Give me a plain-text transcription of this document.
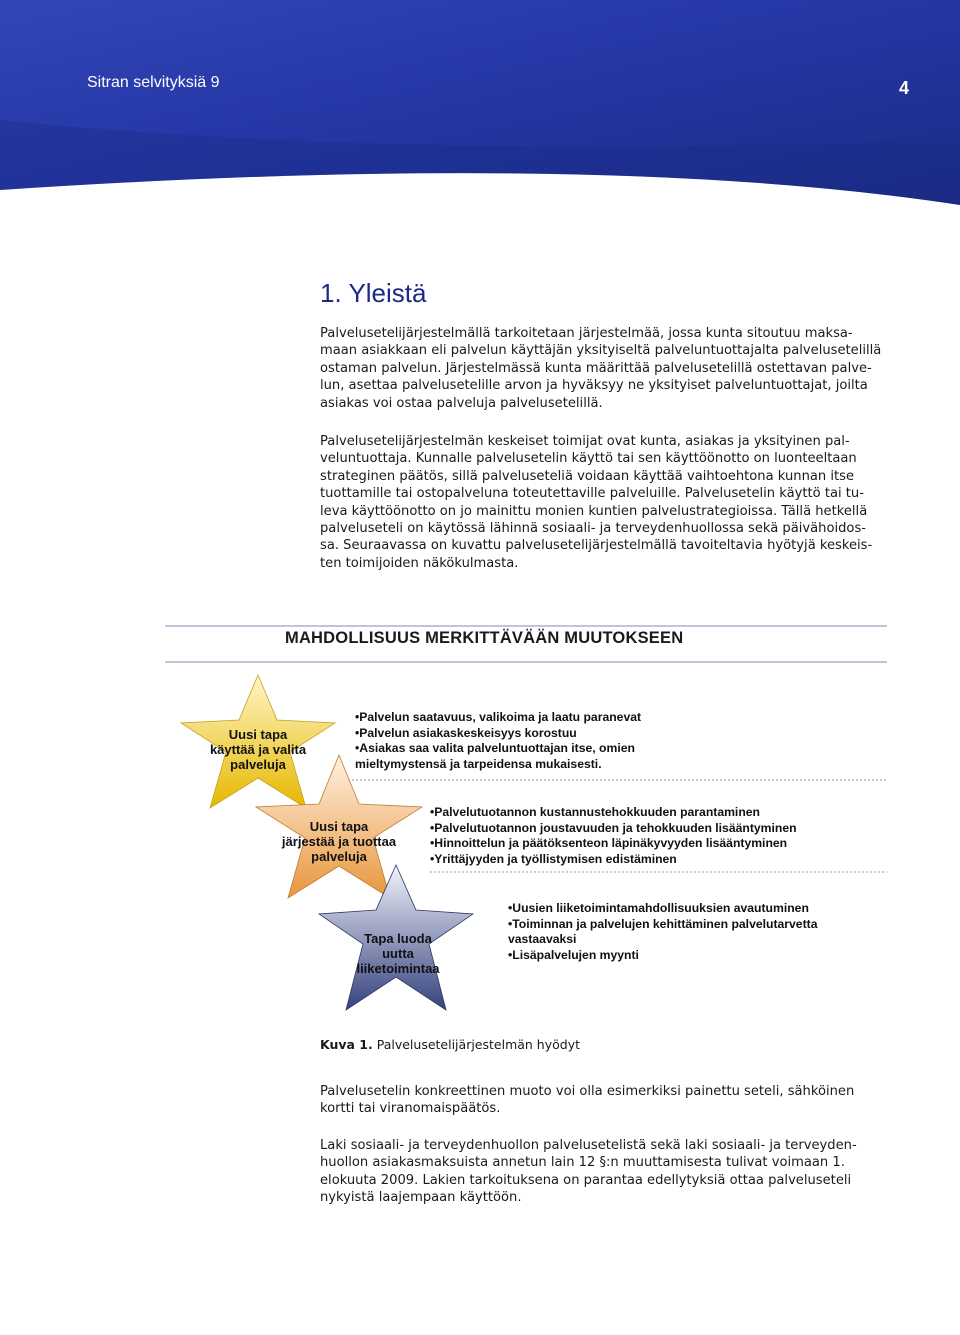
Sitran selvityksiä 9	4
1. Yleistä

Palvelusetelijärjestelmällä tarkoitetaan järjestelmää, jossa kunta sitoutuu maksa-
maan asiakkaan eli palvelun käyttäjän yksityiseltä palveluntuottajalta palvelusetelillä
ostaman palvelun. Järjestelmässä kunta määrittää palvelusetelillä ostettavan palve-
lun, asettaa palvelusetelille arvon ja hyväksyy ne yksityiset palveluntuottajat, joilta
asiakas voi ostaa palveluja palvelusetelillä.

Palvelusetelijärjestelmän keskeiset toimijat ovat kunta, asiakas ja yksityinen pal-
veluntuottaja. Kunnalle palvelusetelin käyttö tai sen käyttöönotto on luonteeltaan
strateginen päätös, sillä palveluseteliä voidaan käyttää vaihtoehtona kunnan itse
tuottamille tai ostopalveluna toteutettaville palveluille. Palvelusetelin käyttö tai tu-
leva käyttöönotto on jo mainittu monien kuntien palvelustrategioissa. Tällä hetkellä
palveluseteli on käytössä lähinnä sosiaali- ja terveydenhuollossa sekä päivähoidos-
sa. Seuraavassa on kuvattu palvelusetelijärjestelmällä tavoiteltavia hyötyjä keskeis-
ten toimijoiden näkökulmasta.

MAHDOLLISUUS MERKITTÄVÄÄN MUUTOKSEEN
Uusi tapa
käyttää ja valita
palveluja
Uusi tapa
järjestää ja tuottaa
palveluja
Tapa luoda
uutta
liiketoimintaa
•Palvelun saatavuus, valikoima ja laatu paranevat
•Palvelun asiakaskeskeisyys korostuu
•Asiakas saa valita palveluntuottajan itse, omien
mieltymystensä ja tarpeidensa mukaisesti.
•Palvelutuotannon kustannustehokkuuden parantaminen
•Palvelutuotannon joustavuuden ja tehokkuuden lisääntyminen
•Hinnoittelun ja päätöksenteon läpinäkyvyyden lisääntyminen
•Yrittäjyyden ja työllistymisen edistäminen
•Uusien liiketoimintamahdollisuuksien avautuminen
•Toiminnan ja palvelujen kehittäminen palvelutarvetta
vastaavaksi
•Lisäpalvelujen myynti
Kuva 1. Palvelusetelijärjestelmän hyödyt

Palvelusetelin konkreettinen muoto voi olla esimerkiksi painettu seteli, sähköinen
kortti tai viranomaispäätös.

Laki sosiaali- ja terveydenhuollon palvelusetelistä sekä laki sosiaali- ja terveyden-
huollon asiakasmaksuista annetun lain 12 §:n muuttamisesta tulivat voimaan 1.
elokuuta 2009. Lakien tarkoituksena on parantaa edellytyksiä ottaa palveluseteli
nykyistä laajempaan käyttöön.
